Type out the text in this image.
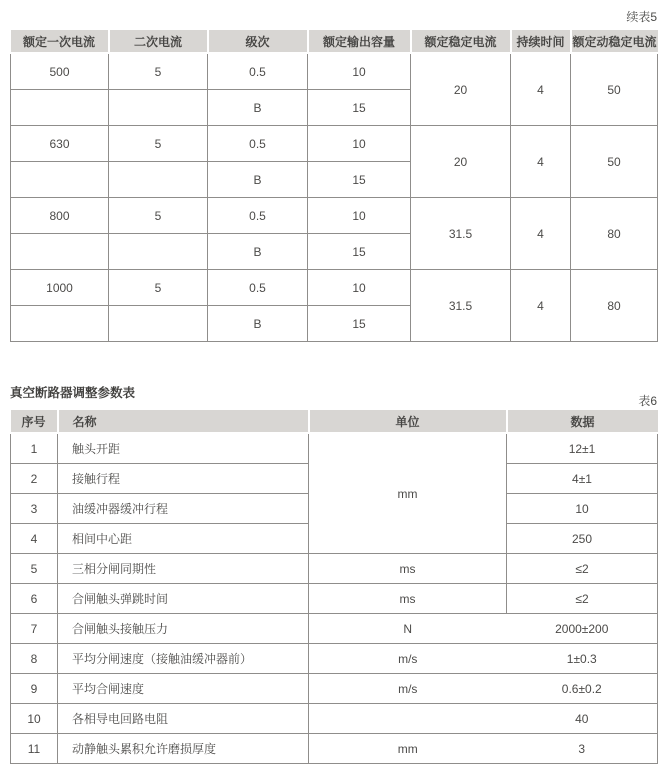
续表5
额定一次电流	二次电流	级次	额定输出容量	额定稳定电流	持续时间	额定动稳定电流
500	5	0.5	10	20	4	50
		B	15			
630	5	0.5	10	20	4	50
		B	15			
800	5	0.5	10	31.5	4	80
		B	15			
1000	5	0.5	10	31.5	4	80
		B	15			
真空断路器调整参数表
表6
序号	名称	单位	数据
1	触头开距	mm	12±1
2	接触行程		4±1
3	油缓冲器缓冲行程		10
4	相间中心距		250
5	三相分闸同期性	ms	≤2
6	合闸触头弹跳时间	ms	≤2
7	合闸触头接触压力	N	2000±200
8	平均分闸速度（接触油缓冲器前）	m/s	1±0.3
9	平均合闸速度	m/s	0.6±0.2
10	各相导电回路电阻		40
11	动静触头累积允许磨损厚度	mm	3
